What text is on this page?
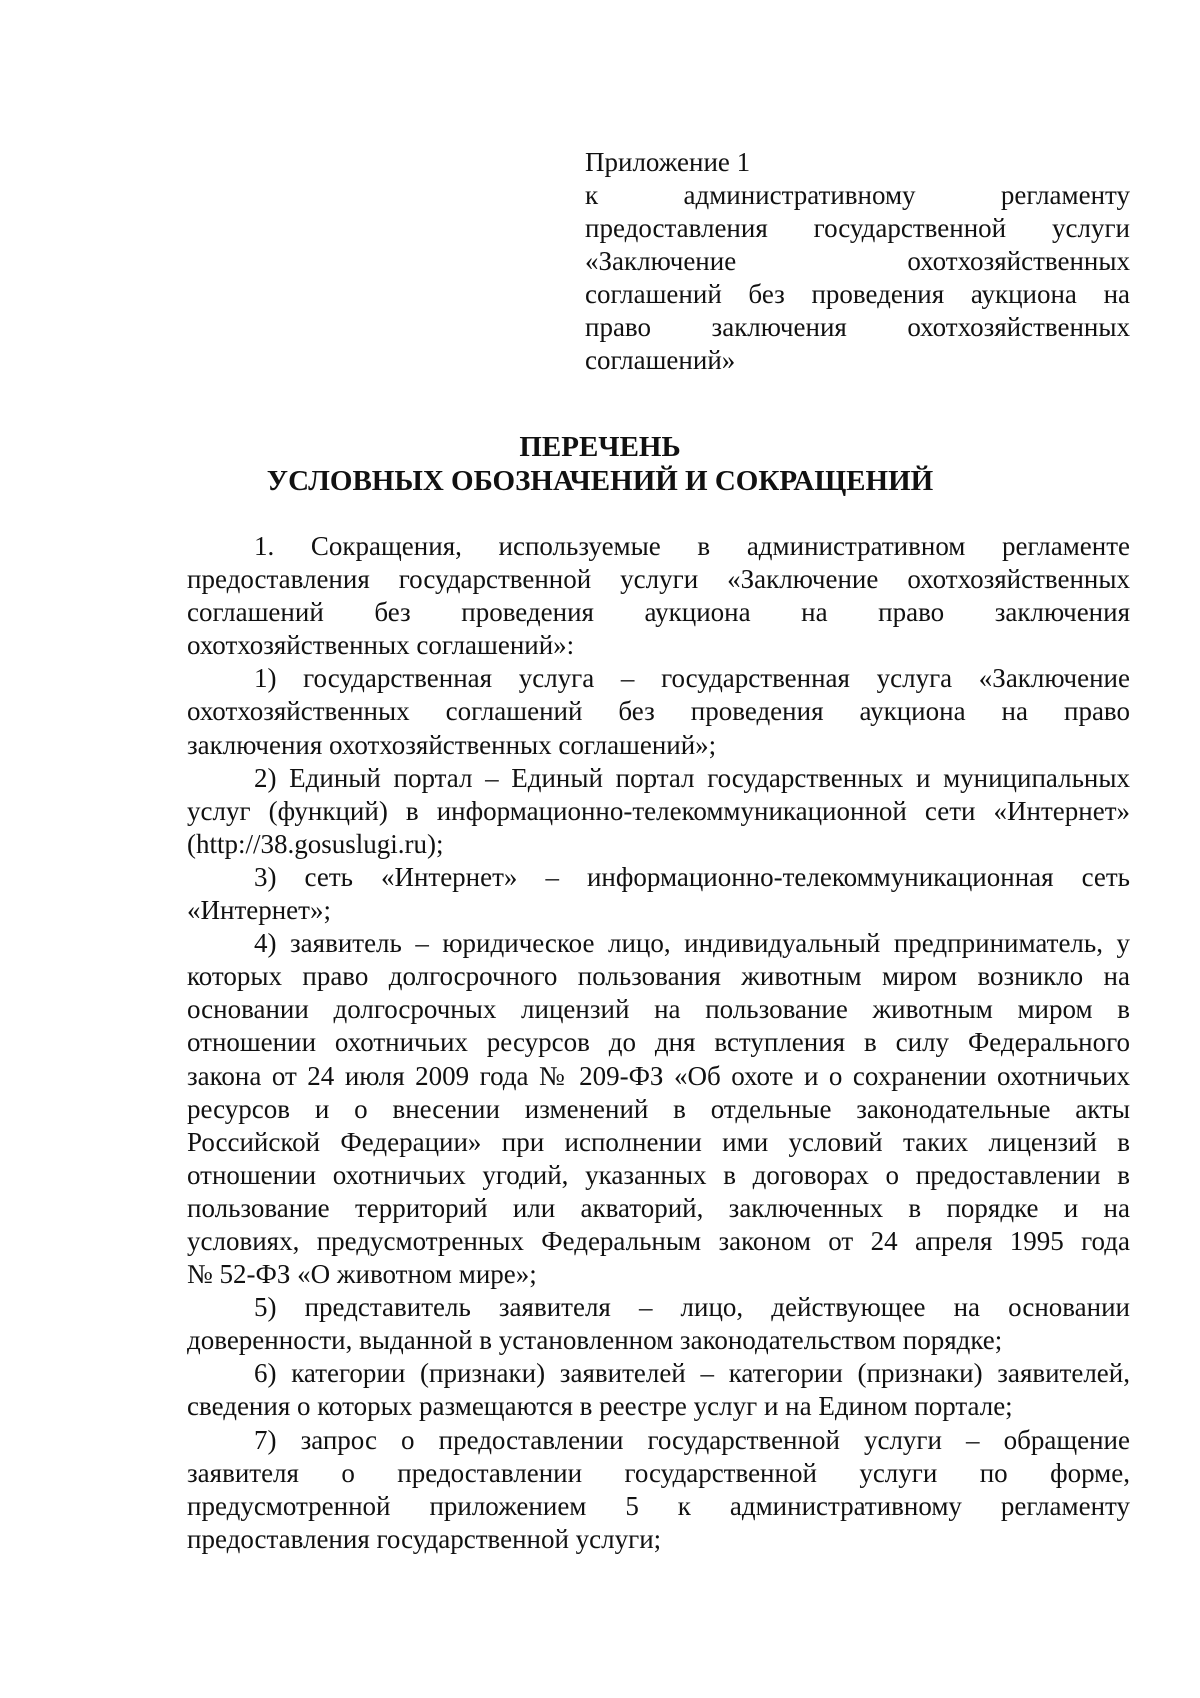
Приложение 1
к административному регламенту
предоставления государственной услуги
«Заключение охотхозяйственных
соглашений без проведения аукциона на
право заключения охотхозяйственных
соглашений»
ПЕРЕЧЕНЬ
УСЛОВНЫХ ОБОЗНАЧЕНИЙ И СОКРАЩЕНИЙ
1. Сокращения, используемые в административном регламенте
предоставления государственной услуги «Заключение охотхозяйственных
соглашений без проведения аукциона на право заключения
охотхозяйственных соглашений»:
1) государственная услуга – государственная услуга «Заключение
охотхозяйственных соглашений без проведения аукциона на право
заключения охотхозяйственных соглашений»;
2) Единый портал – Единый портал государственных и муниципальных
услуг (функций) в информационно-телекоммуникационной сети «Интернет»
(http://38.gosuslugi.ru);
3) сеть «Интернет» – информационно-телекоммуникационная сеть
«Интернет»;
4) заявитель – юридическое лицо, индивидуальный предприниматель, у
которых право долгосрочного пользования животным миром возникло на
основании долгосрочных лицензий на пользование животным миром в
отношении охотничьих ресурсов до дня вступления в силу Федерального
закона от 24 июля 2009 года № 209-ФЗ «Об охоте и о сохранении охотничьих
ресурсов и о внесении изменений в отдельные законодательные акты
Российской Федерации» при исполнении ими условий таких лицензий в
отношении охотничьих угодий, указанных в договорах о предоставлении в
пользование территорий или акваторий, заключенных в порядке и на
условиях, предусмотренных Федеральным законом от 24 апреля 1995 года
№ 52-ФЗ «О животном мире»;
5) представитель заявителя – лицо, действующее на основании
доверенности, выданной в установленном законодательством порядке;
6) категории (признаки) заявителей – категории (признаки) заявителей,
сведения о которых размещаются в реестре услуг и на Едином портале;
7) запрос о предоставлении государственной услуги – обращение
заявителя о предоставлении государственной услуги по форме,
предусмотренной приложением 5 к административному регламенту
предоставления государственной услуги;
